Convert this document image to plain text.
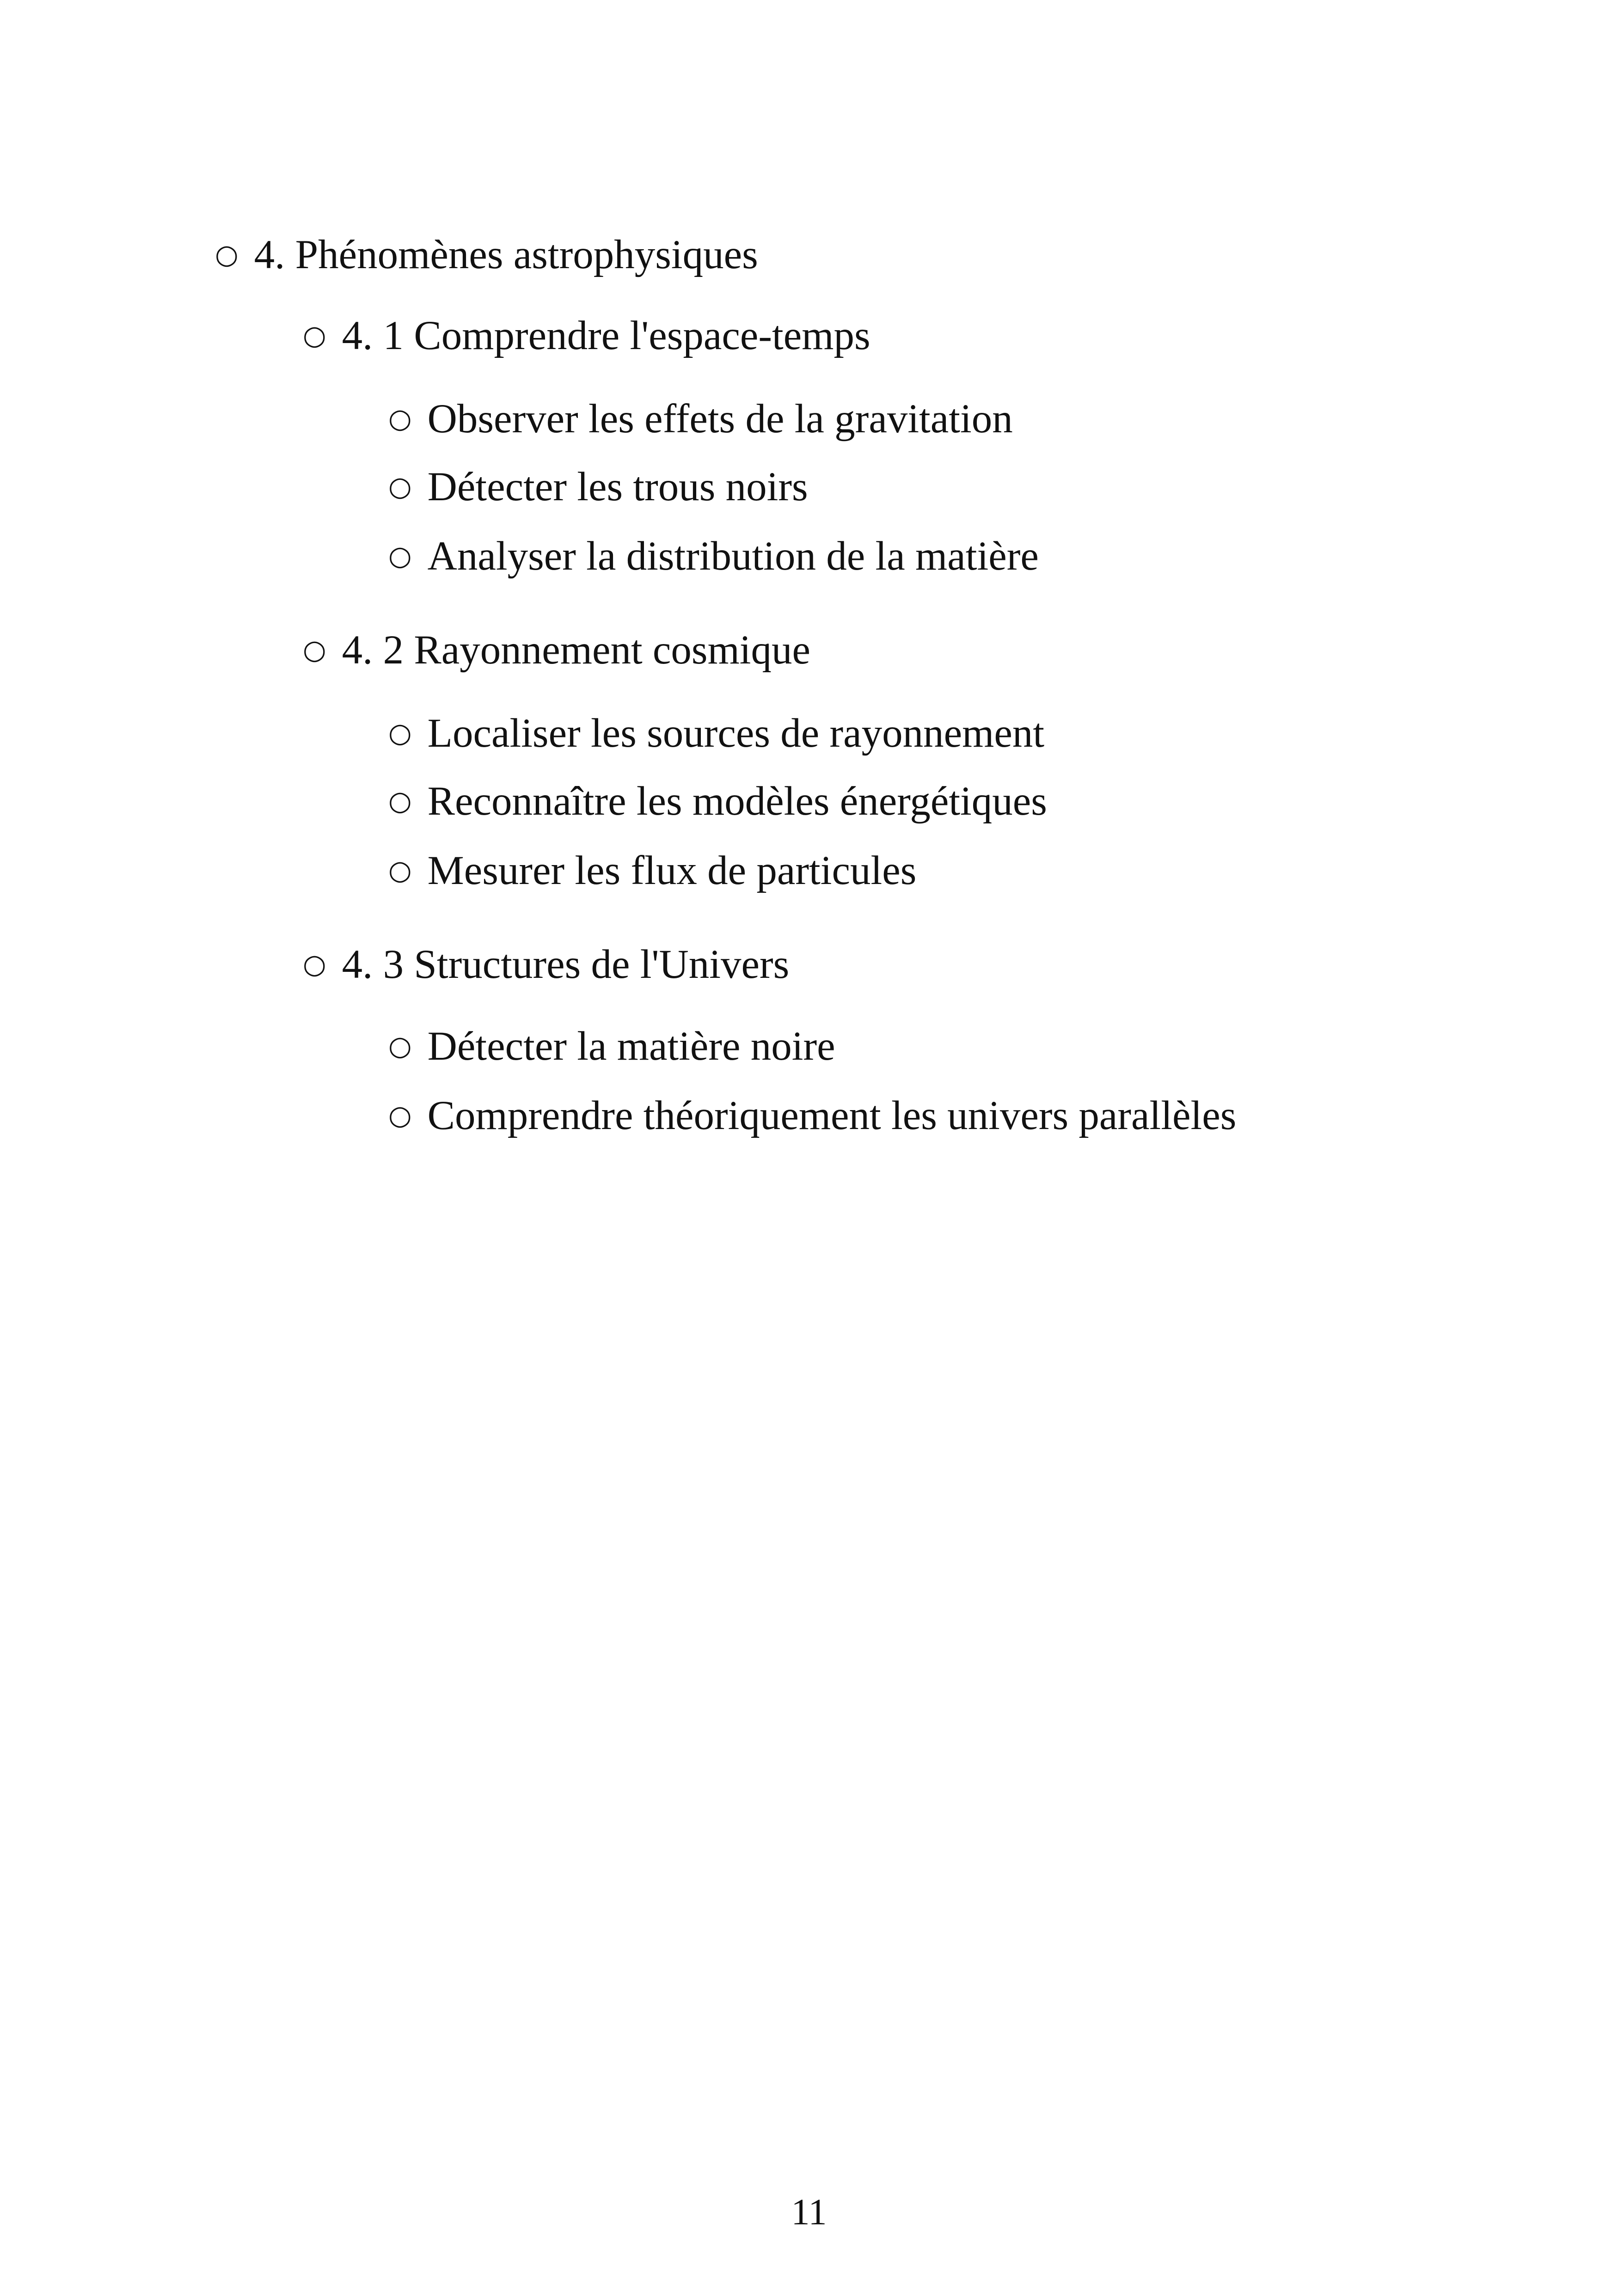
○ 4. Phénomènes astrophysiques
○ 4. 1 Comprendre l'espace-temps
○ Observer les effets de la gravitation
○ Détecter les trous noirs
○ Analyser la distribution de la matière
○ 4. 2 Rayonnement cosmique
○ Localiser les sources de rayonnement
○ Reconnaître les modèles énergétiques
○ Mesurer les flux de particules
○ 4. 3 Structures de l'Univers
○ Détecter la matière noire
○ Comprendre théoriquement les univers parallèles
11
